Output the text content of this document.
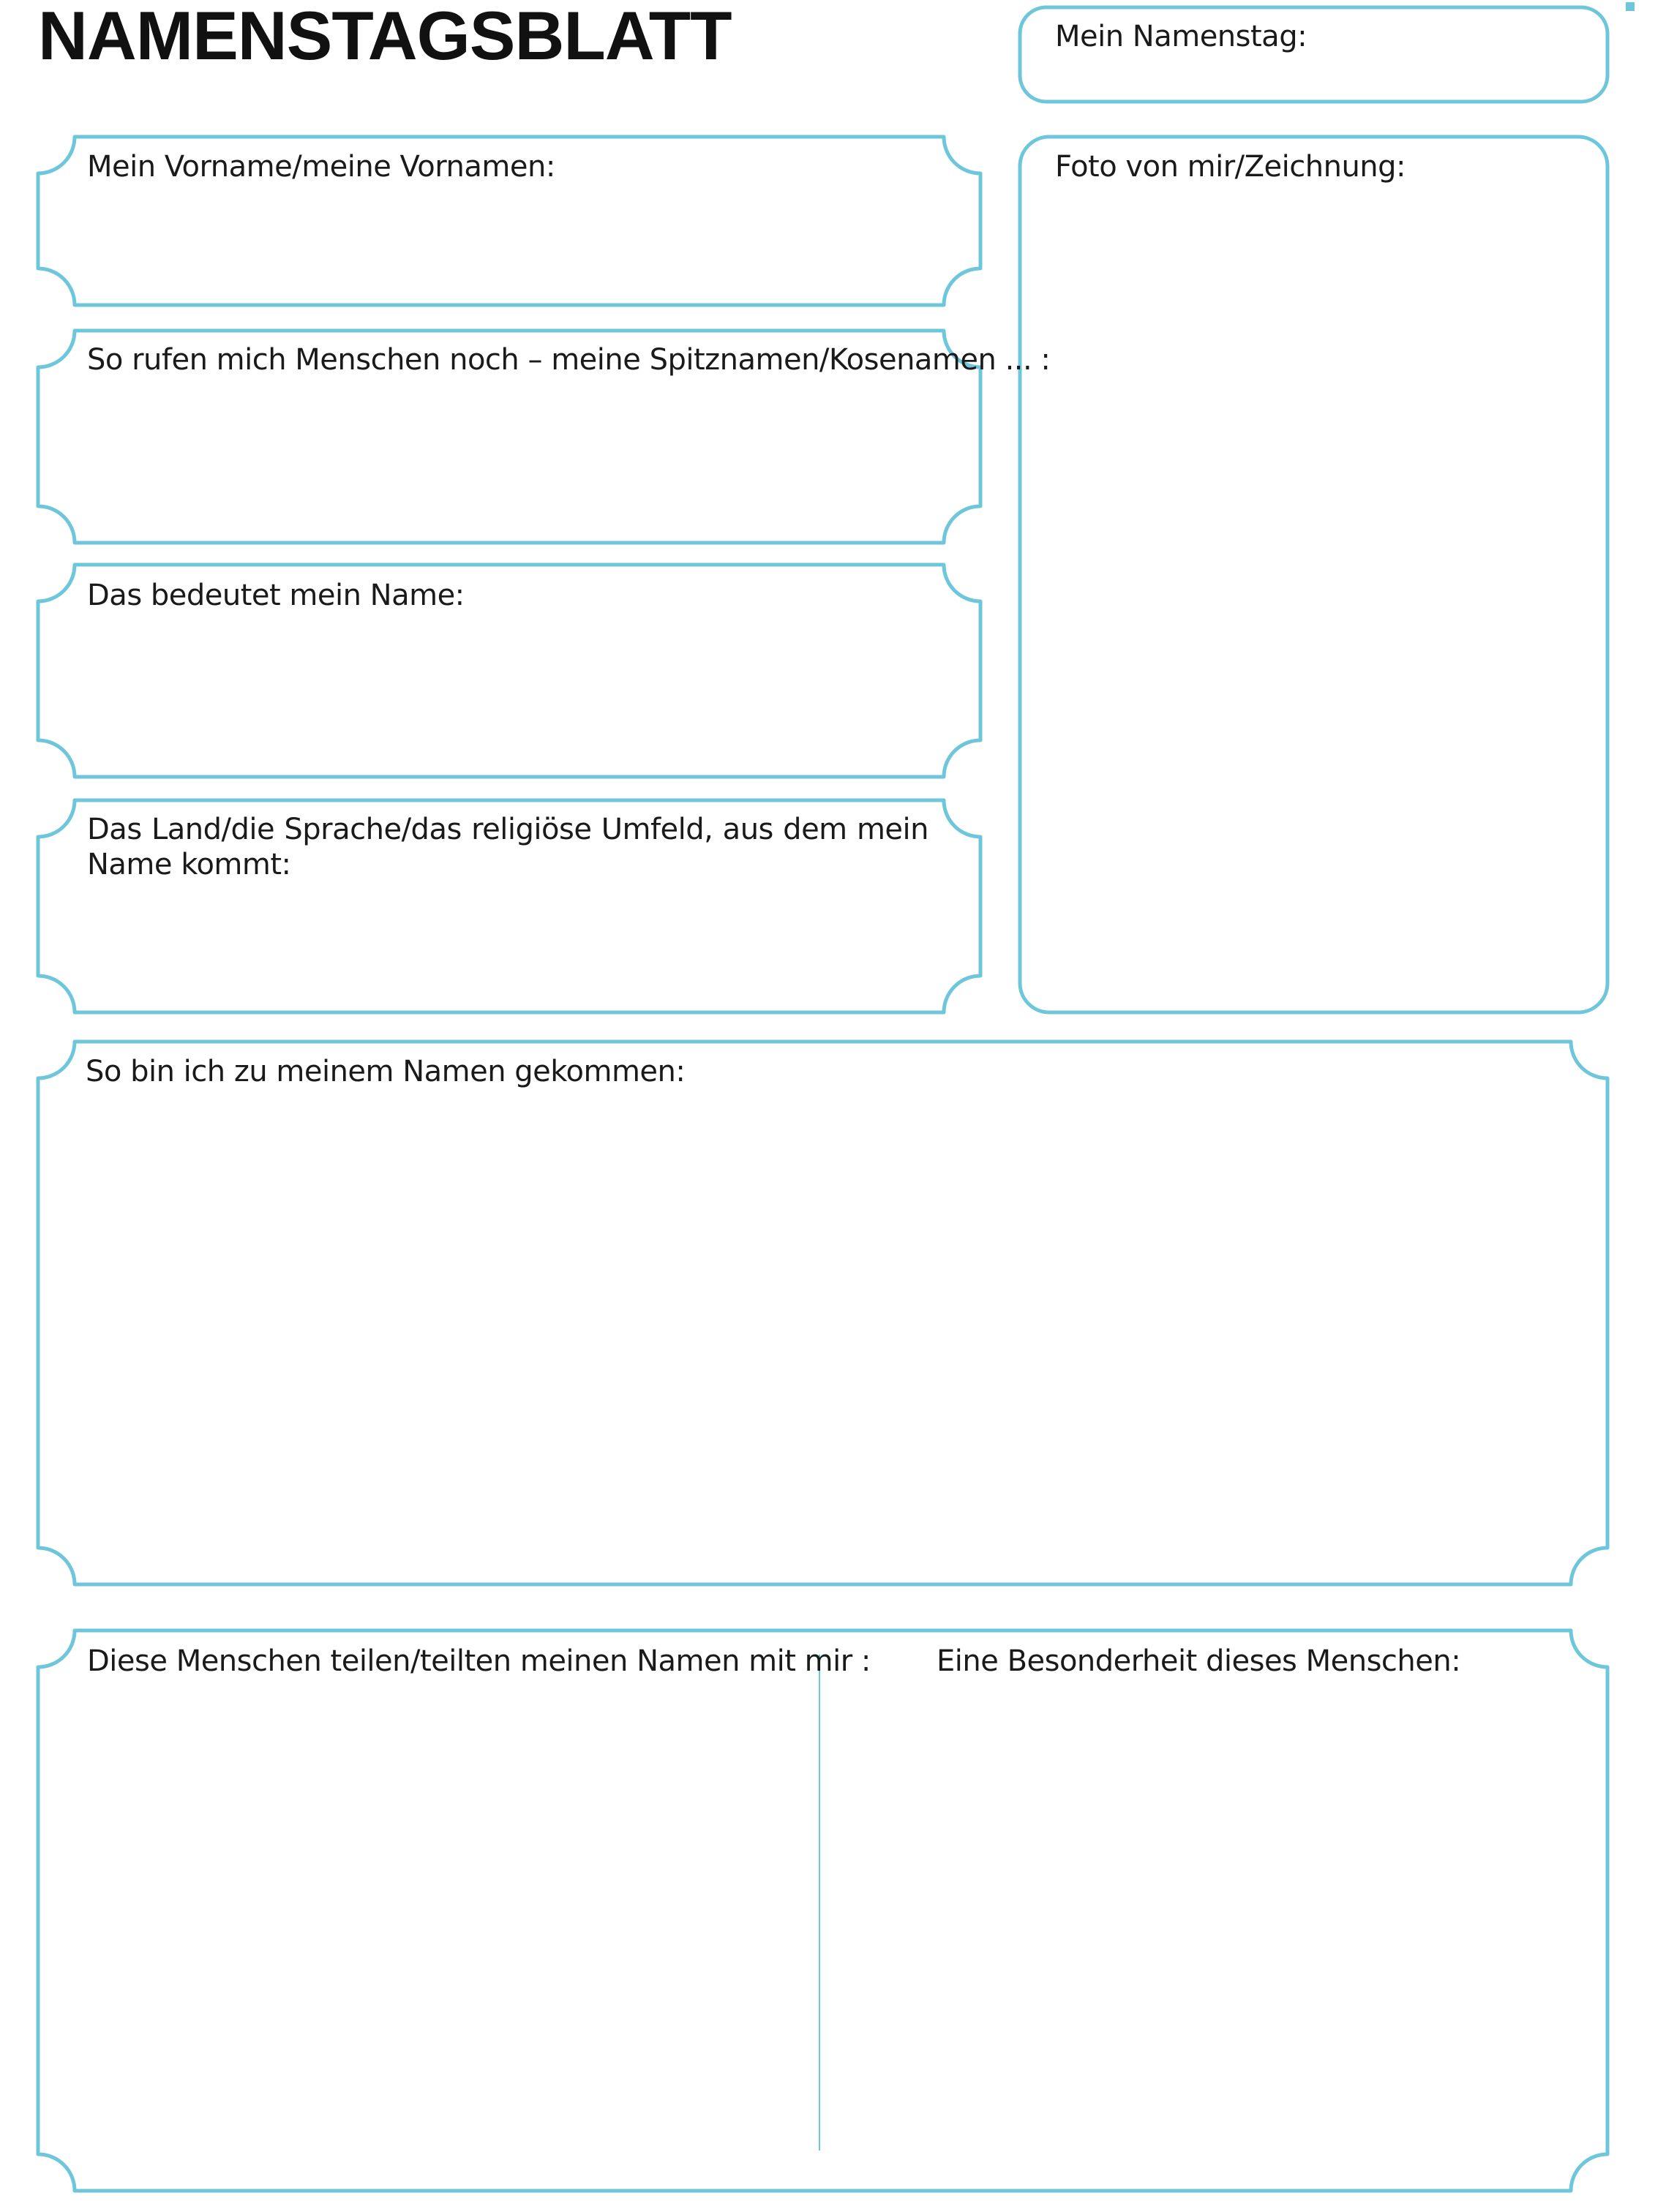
NAMENSTAGSBLATT	Mein Namenstag:
Mein Vorname/meine Vornamen:
So rufen mich Menschen noch – meine Spitznamen/Kosenamen ... :
Das bedeutet mein Name:
Das Land/die Sprache/das religiöse Umfeld, aus dem mein Name kommt:
Foto von mir/Zeichnung:
So bin ich zu meinem Namen gekommen:
Diese Menschen teilen/teilten meinen Namen mit mir : Eine Besonderheit dieses Menschen:
